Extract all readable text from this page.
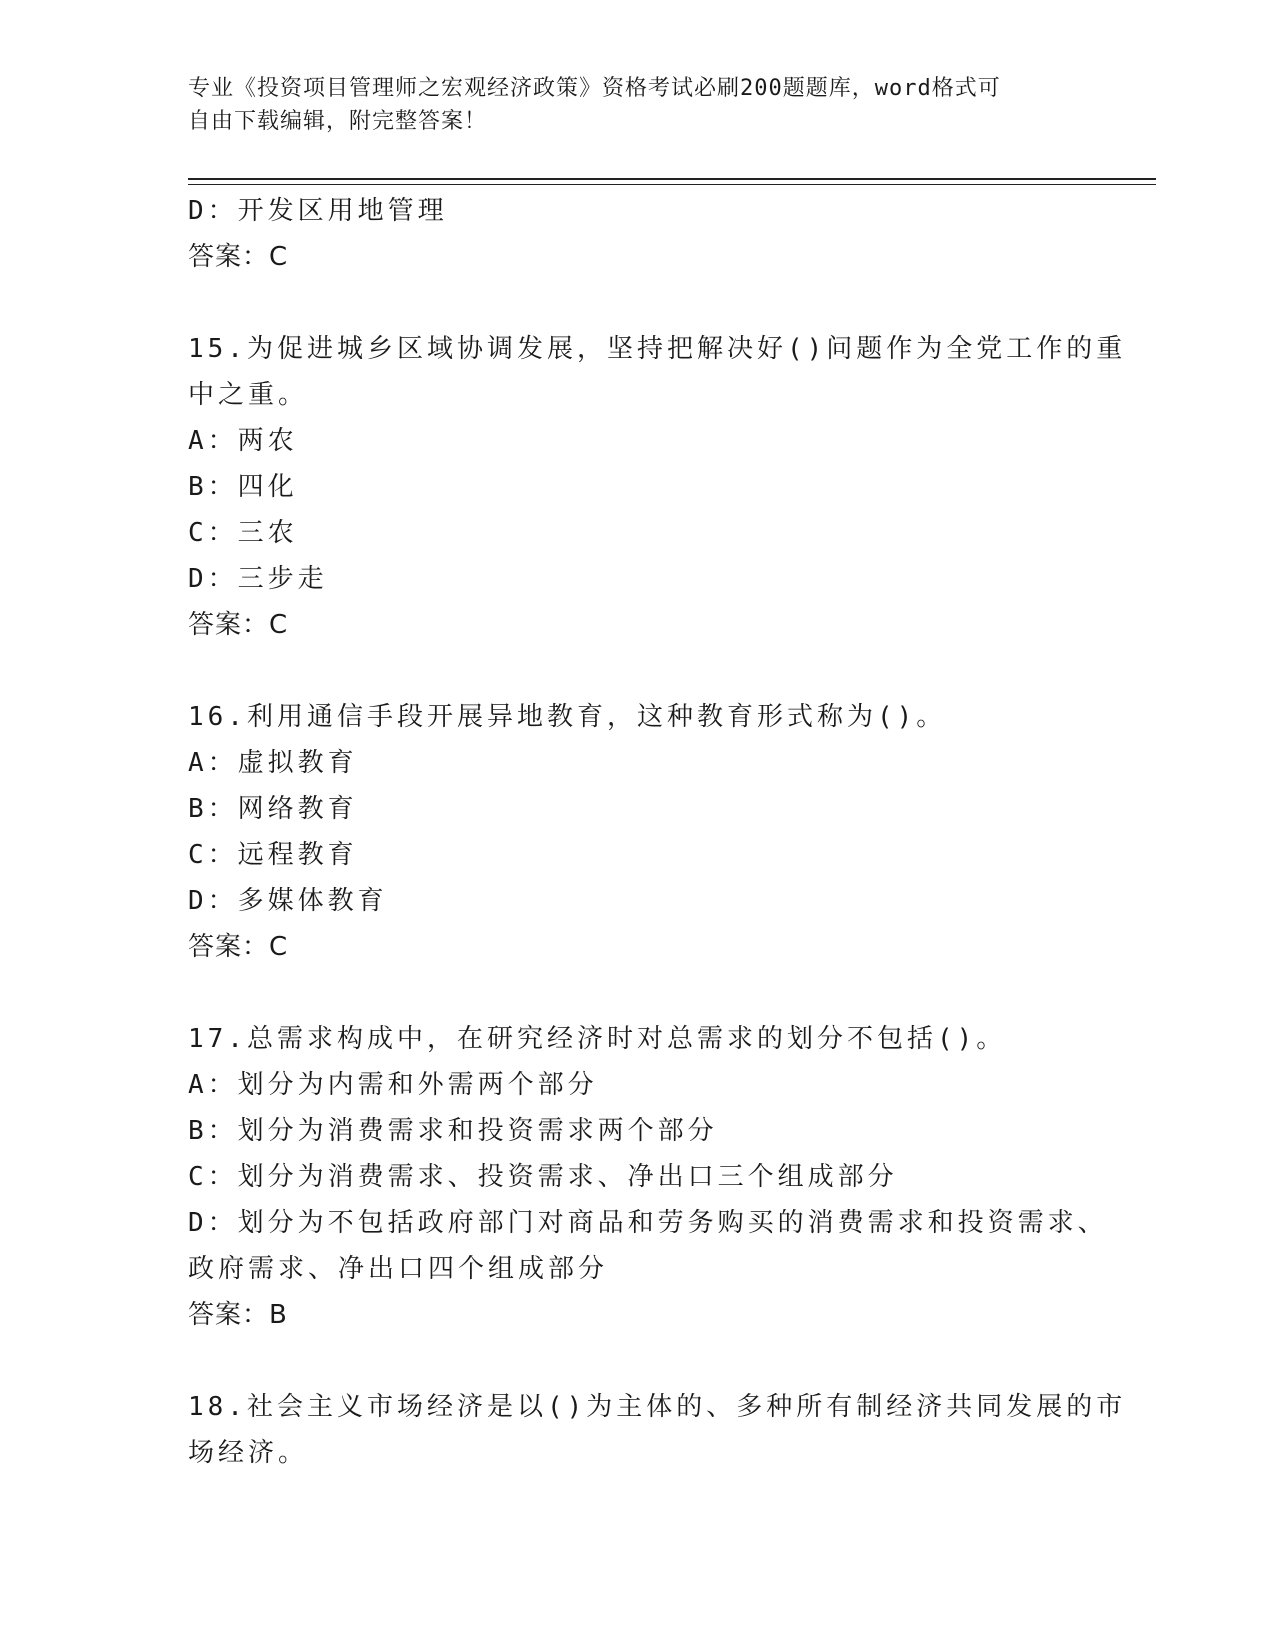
专业《投资项目管理师之宏观经济政策》资格考试必刷200题题库，word格式可
自由下载编辑，附完整答案！
D：开发区用地管理
答案：C
15.为促进城乡区域协调发展，坚持把解决好()问题作为全党工作的重
中之重。
A：两农
B：四化
C：三农
D：三步走
答案：C
16.利用通信手段开展异地教育，这种教育形式称为()。
A：虚拟教育
B：网络教育
C：远程教育
D：多媒体教育
答案：C
17.总需求构成中，在研究经济时对总需求的划分不包括()。
A：划分为内需和外需两个部分
B：划分为消费需求和投资需求两个部分
C：划分为消费需求、投资需求、净出口三个组成部分
D：划分为不包括政府部门对商品和劳务购买的消费需求和投资需求、
政府需求、净出口四个组成部分
答案：B
18.社会主义市场经济是以()为主体的、多种所有制经济共同发展的市
场经济。
